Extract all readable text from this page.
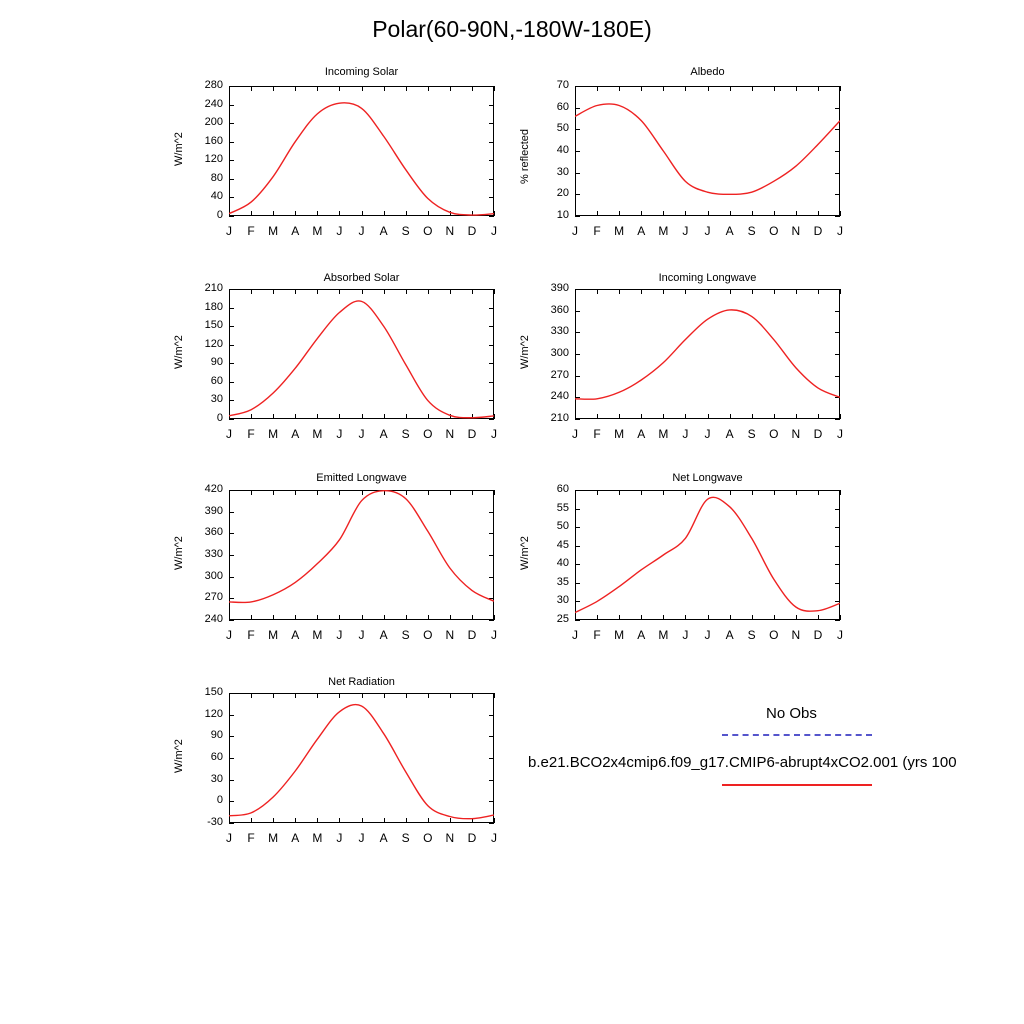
Polar(60-90N,-180W-180E)
Incoming Solar
W/m^2
0
40
80
120
160
200
240
280
J	F M A M	J	J	A S O N D	J
Albedo
% reflected
10
20
30
40
50
60
70
J	F M A M	J	J	A S O N D	J
Absorbed Solar
W/m^2
0
30
60
90
120
150
180
210
J	F M A M	J	J	A S O N D	J
Incoming Longwave
W/m^2
210
240
270
300
330
360
390
J	F M A M	J	J	A S O N D	J
Emitted Longwave
W/m^2
240
270
300
330
360
390
420
J	F M A M	J	J	A S O N D	J
Net Longwave
W/m^2
25
30
35
40
45
50
55
60
J	F M A M	J	J	A S O N D	J
Net Radiation
W/m^2
-30
0
30
60
90
120
150
J	F M A M	J	J	A S O N D	J
No Obs
b.e21.BCO2x4cmip6.f09_g17.CMIP6-abrupt4xCO2.001 (yrs 100
